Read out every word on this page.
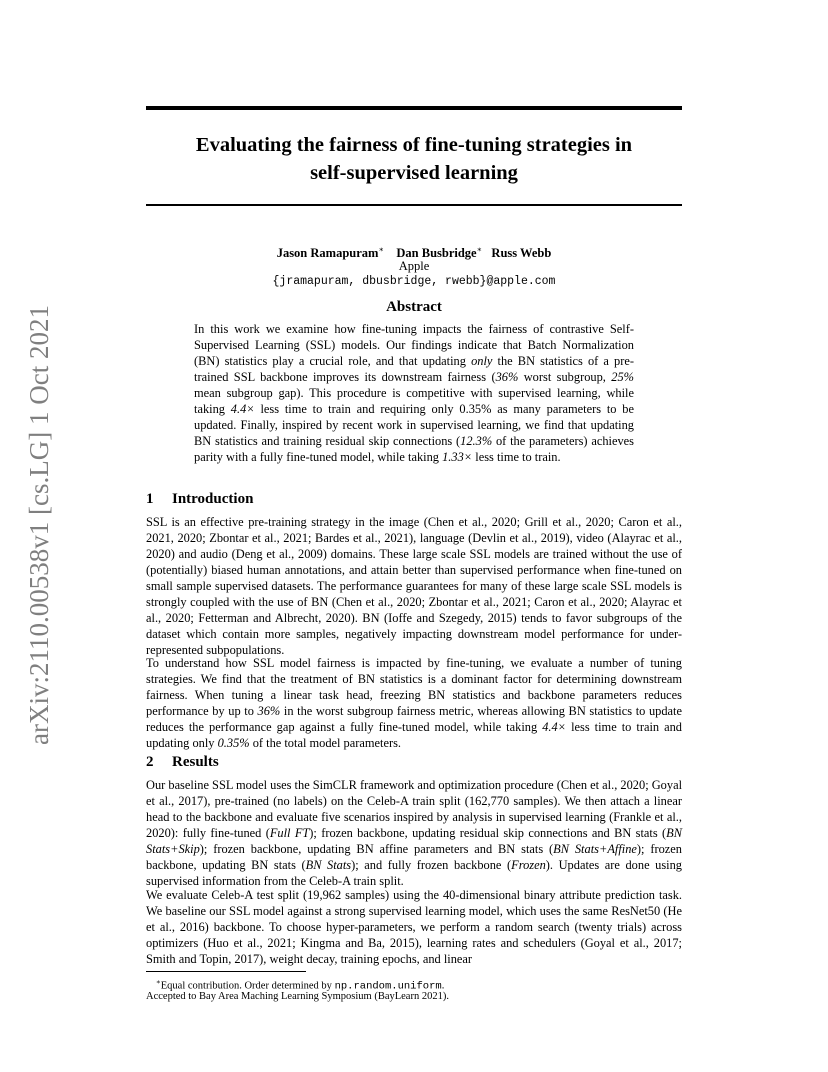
arXiv:2110.00538v1 [cs.LG] 1 Oct 2021
Evaluating the fairness of fine-tuning strategies in
self-supervised learning
Jason Ramapuram∗ Dan Busbridge∗ Russ Webb
Apple
{jramapuram, dbusbridge, rwebb}@apple.com
Abstract
In this work we examine how fine-tuning impacts the fairness of contrastive Self-Supervised Learning (SSL) models. Our findings indicate that Batch Normalization (BN) statistics play a crucial role, and that updating only the BN statistics of a pre-trained SSL backbone improves its downstream fairness (36% worst subgroup, 25% mean subgroup gap). This procedure is competitive with supervised learning, while taking 4.4× less time to train and requiring only 0.35% as many parameters to be updated. Finally, inspired by recent work in supervised learning, we find that updating BN statistics and training residual skip connections (12.3% of the parameters) achieves parity with a fully fine-tuned model, while taking 1.33× less time to train.
1 Introduction
SSL is an effective pre-training strategy in the image (Chen et al., 2020; Grill et al., 2020; Caron et al., 2021, 2020; Zbontar et al., 2021; Bardes et al., 2021), language (Devlin et al., 2019), video (Alayrac et al., 2020) and audio (Deng et al., 2009) domains. These large scale SSL models are trained without the use of (potentially) biased human annotations, and attain better than supervised performance when fine-tuned on small sample supervised datasets. The performance guarantees for many of these large scale SSL models is strongly coupled with the use of BN (Chen et al., 2020; Zbontar et al., 2021; Caron et al., 2020; Alayrac et al., 2020; Fetterman and Albrecht, 2020). BN (Ioffe and Szegedy, 2015) tends to favor subgroups of the dataset which contain more samples, negatively impacting downstream model performance for under-represented subpopulations.
To understand how SSL model fairness is impacted by fine-tuning, we evaluate a number of tuning strategies. We find that the treatment of BN statistics is a dominant factor for determining downstream fairness. When tuning a linear task head, freezing BN statistics and backbone parameters reduces performance by up to 36% in the worst subgroup fairness metric, whereas allowing BN statistics to update reduces the performance gap against a fully fine-tuned model, while taking 4.4× less time to train and updating only 0.35% of the total model parameters.
2 Results
Our baseline SSL model uses the SimCLR framework and optimization procedure (Chen et al., 2020; Goyal et al., 2017), pre-trained (no labels) on the Celeb-A train split (162,770 samples). We then attach a linear head to the backbone and evaluate five scenarios inspired by analysis in supervised learning (Frankle et al., 2020): fully fine-tuned (Full FT); frozen backbone, updating residual skip connections and BN stats (BN Stats+Skip); frozen backbone, updating BN affine parameters and BN stats (BN Stats+Affine); frozen backbone, updating BN stats (BN Stats); and fully frozen backbone (Frozen). Updates are done using supervised information from the Celeb-A train split.
We evaluate Celeb-A test split (19,962 samples) using the 40-dimensional binary attribute prediction task. We baseline our SSL model against a strong supervised learning model, which uses the same ResNet50 (He et al., 2016) backbone. To choose hyper-parameters, we perform a random search (twenty trials) across optimizers (Huo et al., 2021; Kingma and Ba, 2015), learning rates and schedulers (Goyal et al., 2017; Smith and Topin, 2017), weight decay, training epochs, and linear
∗Equal contribution. Order determined by np.random.uniform.
Accepted to Bay Area Maching Learning Symposium (BayLearn 2021).
